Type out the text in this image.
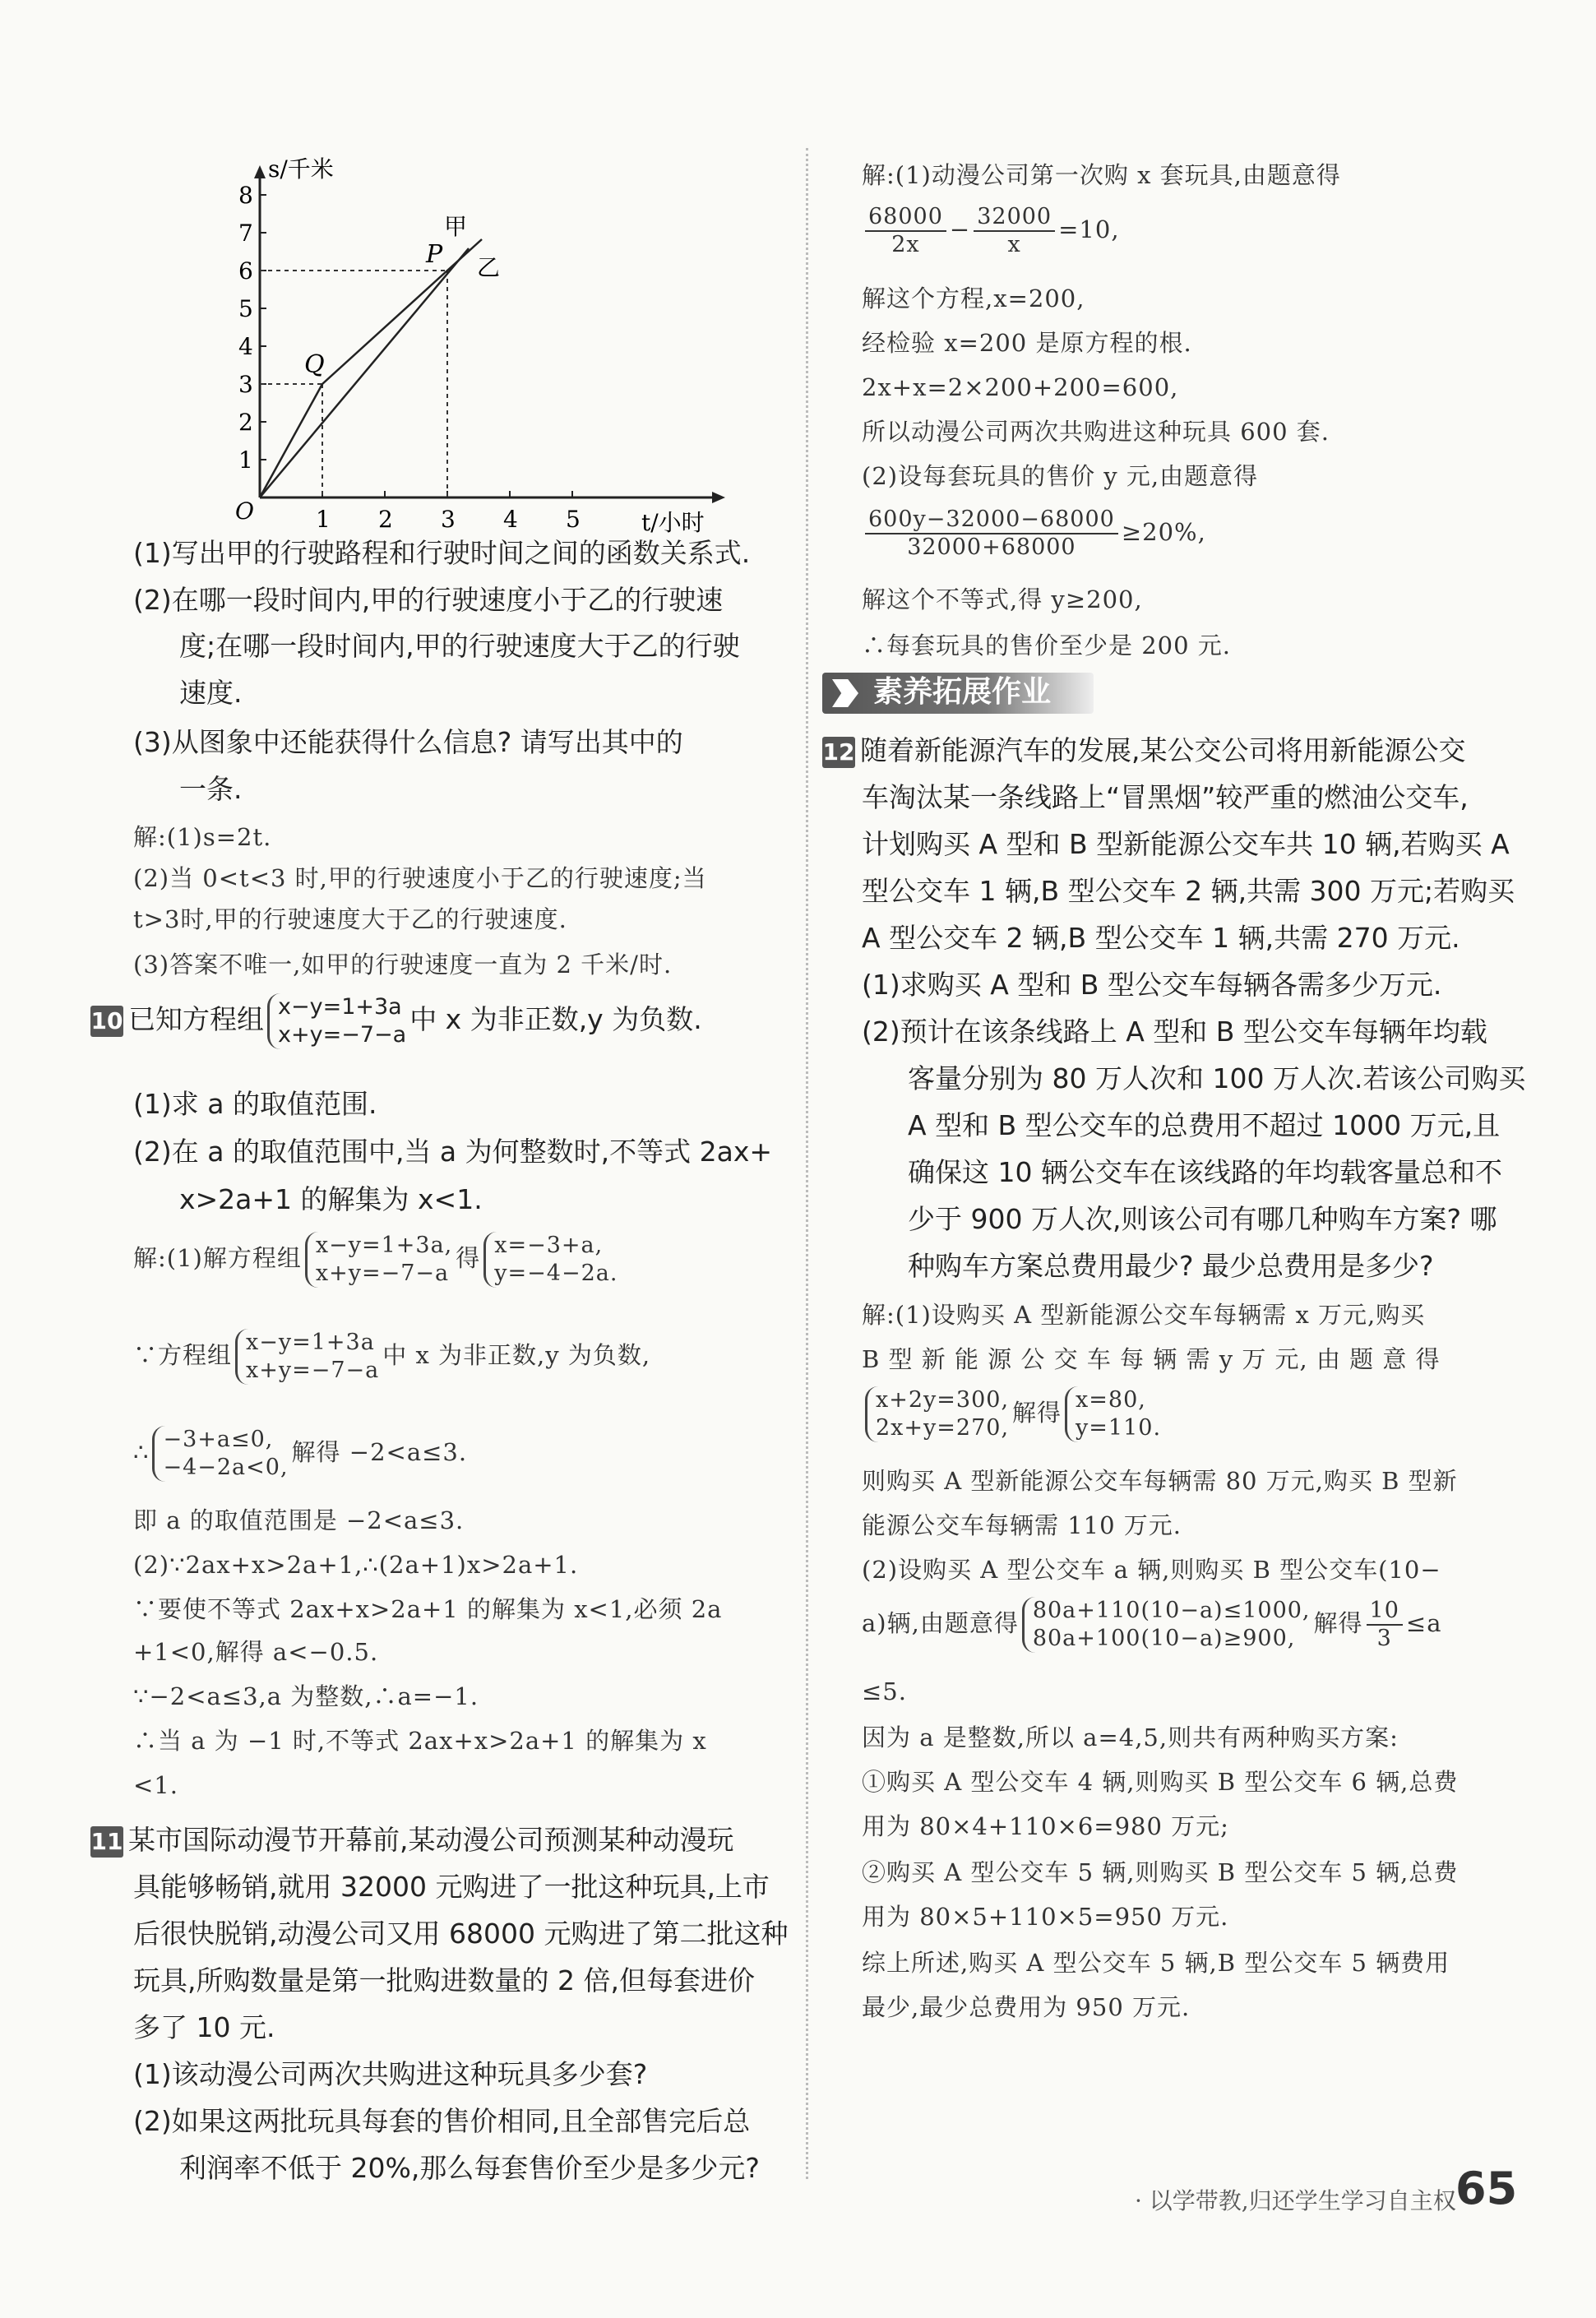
1
2
3
4
5
6
7
8
1 2 3 4 5
O
s/千米
t/小时
甲
乙
P
Q
(1)写出甲的行驶路程和行驶时间之间的函数关系式.
(2)在哪一段时间内,甲的行驶速度小于乙的行驶速
度;在哪一段时间内,甲的行驶速度大于乙的行驶
速度.
(3)从图象中还能获得什么信息? 请写出其中的
一条.
解:(1)s=2t.
(2)当 0<t<3 时,甲的行驶速度小于乙的行驶速度;当
t>3时,甲的行驶速度大于乙的行驶速度.
(3)答案不唯一,如甲的行驶速度一直为 2 千米/时.
10 已知方程组 x−y=1+3a
x+y=−7−a 中 x 为非正数,y 为负数.
(1)求 a 的取值范围.
(2)在 a 的取值范围中,当 a 为何整数时,不等式 2ax+
x>2a+1 的解集为 x<1.
解:(1)解方程组 x−y=1+3a,
x+y=−7−a
得 x=−3+a,
y=−4−2a.
∵方程组 x−y=1+3a
x+y=−7−a
中 x 为非正数,y 为负数,
∴ −3+a≤0,
−4−2a<0,
解得 −2<a≤3.
即 a 的取值范围是 −2<a≤3.
(2)∵2ax+x>2a+1,∴(2a+1)x>2a+1.
∵要使不等式 2ax+x>2a+1 的解集为 x<1,必须 2a
+1<0,解得 a<−0.5.
∵−2<a≤3,a 为整数,∴a=−1.
∴当 a 为 −1 时,不等式 2ax+x>2a+1 的解集为 x
<1.
11 某市国际动漫节开幕前,某动漫公司预测某种动漫玩
具能够畅销,就用 32000 元购进了一批这种玩具,上市
后很快脱销,动漫公司又用 68000 元购进了第二批这种
玩具,所购数量是第一批购进数量的 2 倍,但每套进价
多了 10 元.
(1)该动漫公司两次共购进这种玩具多少套?
(2)如果这两批玩具每套的售价相同,且全部售完后总
利润率不低于 20%,那么每套售价至少是多少元?
解:(1)动漫公司第一次购 x 套玩具,由题意得
$\frac{68000}{2x} - \frac{32000}{x} =10$,
解这个方程,x=200,
经检验 x=200 是原方程的根.
2x+x=2×200+200=600,
所以动漫公司两次共购进这种玩具 600 套.
(2)设每套玩具的售价 y 元,由题意得
$\frac{600y-32000-68000}{32000+68000} \ge 20\%$,
解这个不等式,得 y≥200,
∴每套玩具的售价至少是 200 元.
素养拓展作业
12 随着新能源汽车的发展,某公交公司将用新能源公交
车淘汰某一条线路上“冒黑烟”较严重的燃油公交车,
计划购买 A 型和 B 型新能源公交车共 10 辆,若购买 A
型公交车 1 辆,B 型公交车 2 辆,共需 300 万元;若购买
A 型公交车 2 辆,B 型公交车 1 辆,共需 270 万元.
(1)求购买 A 型和 B 型公交车每辆各需多少万元.
(2)预计在该条线路上 A 型和 B 型公交车每辆年均载
客量分别为 80 万人次和 100 万人次.若该公司购买
A 型和 B 型公交车的总费用不超过 1000 万元,且
确保这 10 辆公交车在该线路的年均载客量总和不
少于 900 万人次,则该公司有哪几种购车方案? 哪
种购车方案总费用最少? 最少总费用是多少?
解:(1)设购买 A 型新能源公交车每辆需 x 万元,购买
B 型 新 能 源 公 交 车 每 辆 需 y 万 元, 由 题 意 得
x+2y=300,
2x+y=270,
解得 x=80,
y=110.
则购买 A 型新能源公交车每辆需 80 万元,购买 B 型新
能源公交车每辆需 110 万元.
(2)设购买 A 型公交车 a 辆,则购买 B 型公交车(10−
a)辆,由题意得 80a+110(10−a)≤1000,
80a+100(10−a)≥900,
解得 $\frac{10}{3} \le a$
≤5.
因为 a 是整数,所以 a=4,5,则共有两种购买方案:
①购买 A 型公交车 4 辆,则购买 B 型公交车 6 辆,总费
用为 80×4+110×6=980 万元;
②购买 A 型公交车 5 辆,则购买 B 型公交车 5 辆,总费
用为 80×5+110×5=950 万元.
综上所述,购买 A 型公交车 5 辆,B 型公交车 5 辆费用
最少,最少总费用为 950 万元.
· 以学带教,归还学生学习自主权 ·
65
